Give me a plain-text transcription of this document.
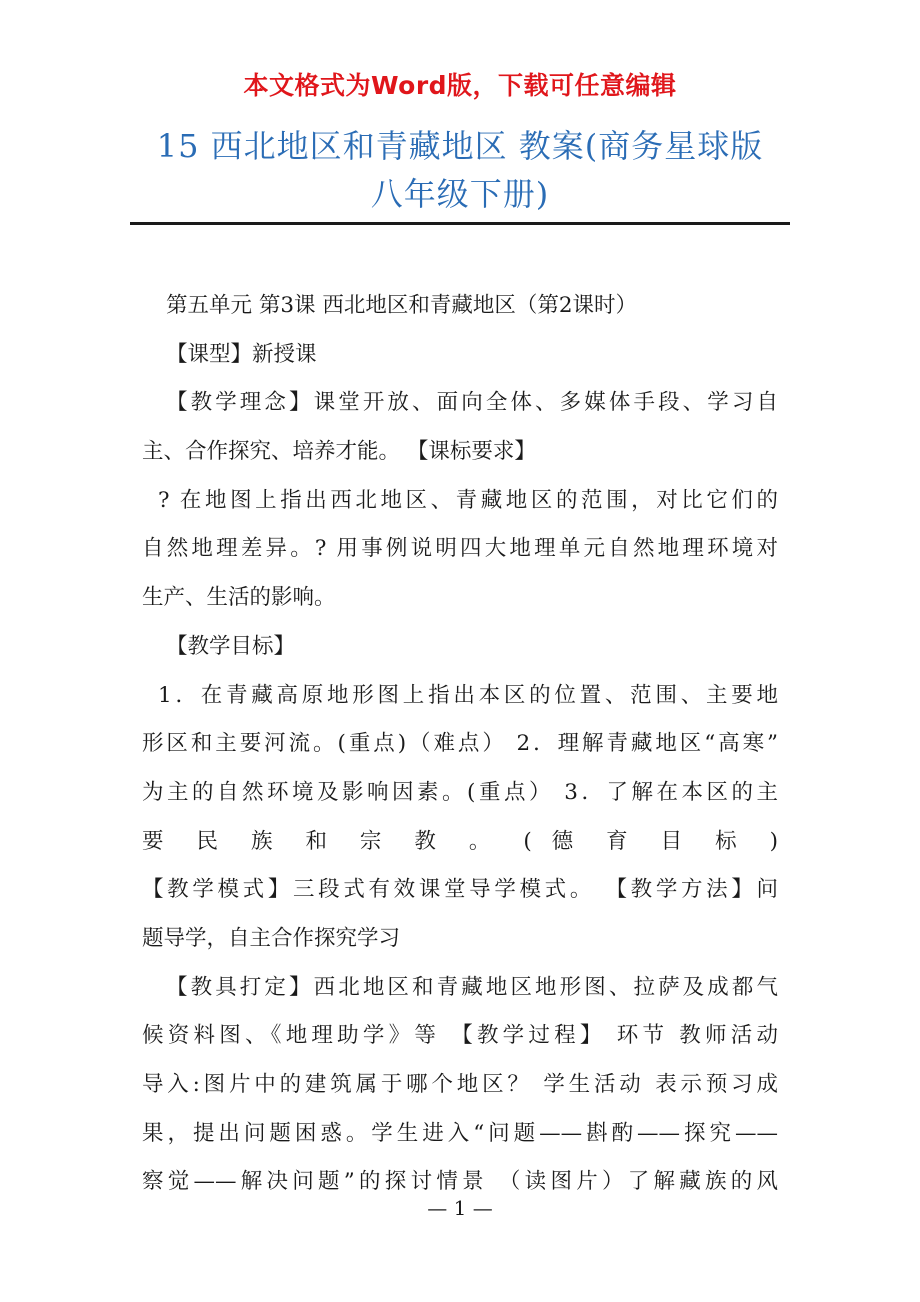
本文格式为Word版，下载可任意编辑
15 西北地区和青藏地区 教案(商务星球版
八年级下册)
第五单元 第3课 西北地区和青藏地区（第2课时）
【课型】新授课
【教学理念】课堂开放、面向全体、多媒体手段、学习自
主、合作探究、培养才能。 【课标要求】
? 在地图上指出西北地区、青藏地区的范围，对比它们的
自然地理差异。? 用事例说明四大地理单元自然地理环境对
生产、生活的影响。
【教学目标】
1．在青藏高原地形图上指出本区的位置、范围、主要地
形区和主要河流。(重点)（难点） 2．理解青藏地区“高寒”
为主的自然环境及影响因素。(重点） 3．了解在本区的主
要 民 族 和 宗 教 。 ( 德 育 目 标 )
【教学模式】三段式有效课堂导学模式。 【教学方法】问
题导学，自主合作探究学习
【教具打定】西北地区和青藏地区地形图、拉萨及成都气
候资料图、《地理助学》等 【教学过程】 环节 教师活动
导入:图片中的建筑属于哪个地区？ 学生活动 表示预习成
果，提出问题困惑。学生进入“问题——斟酌——探究——
察觉——解决问题”的探讨情景 （读图片）了解藏族的风
— 1 —
